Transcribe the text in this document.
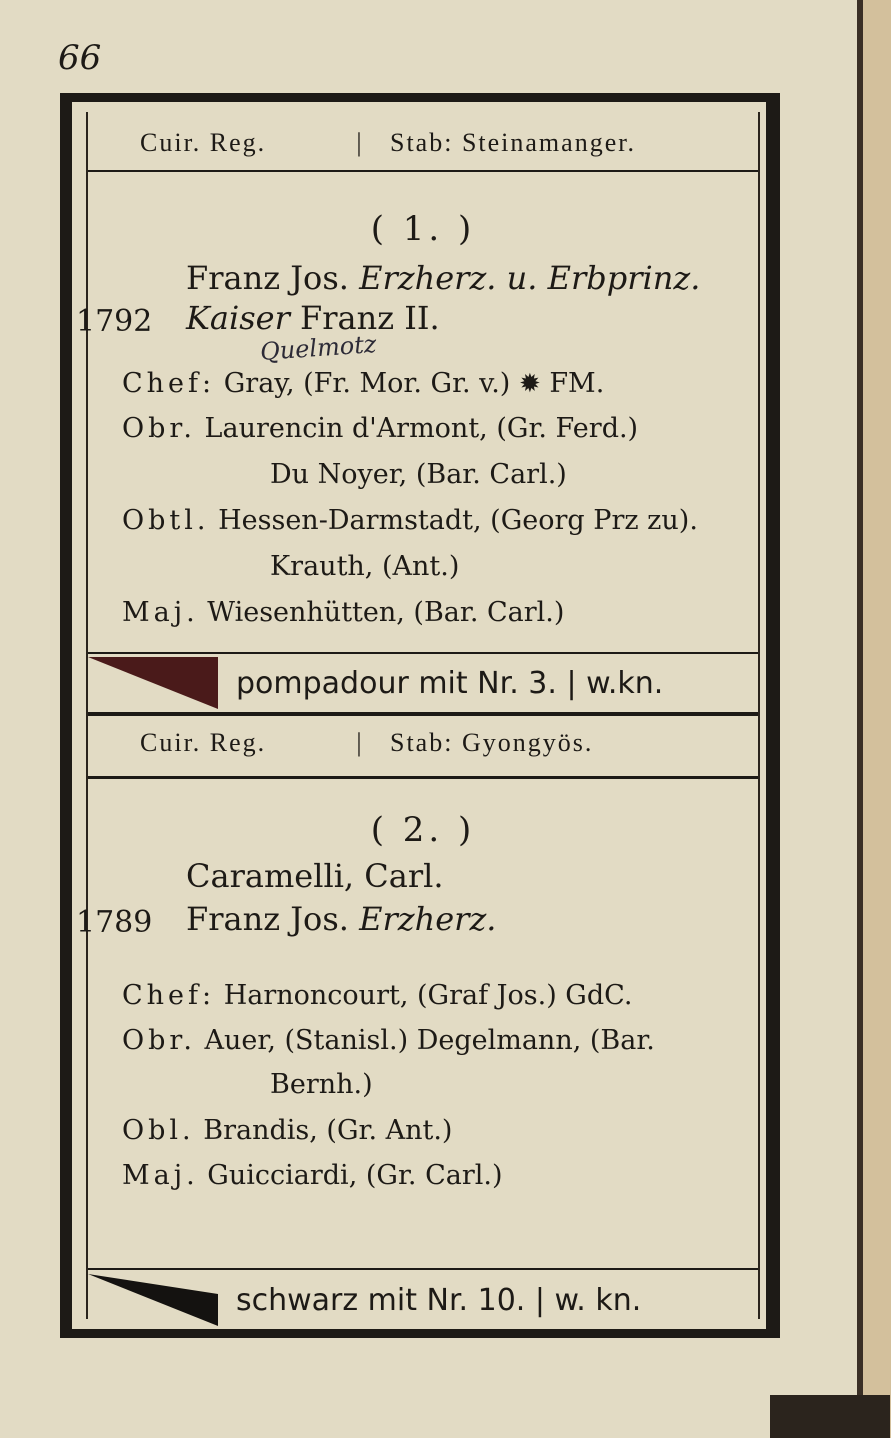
66
Cuir. Reg.	|	Stab: Steinamanger.
( 1. )
Franz Jos. Erzherz. u. Erbprinz.
1792 Kaiser Franz II.
Quelmotz
Chef: Gray, (Fr. Mor. Gr. v.) ✹ FM.
Obr. Laurencin d'Armont, (Gr. Ferd.)
Du Noyer, (Bar. Carl.)
Obtl. Hessen-Darmstadt, (Georg Prz zu).
Krauth, (Ant.)
Maj. Wiesenhütten, (Bar. Carl.)
pompadour mit Nr. 3. | w.kn.
Cuir. Reg.	|	Stab: Gyongyös.
( 2. )
Caramelli, Carl.
1789 Franz Jos. Erzherz.
Chef: Harnoncourt, (Graf Jos.) GdC.
Obr. Auer, (Stanisl.) Degelmann, (Bar.
Bernh.)
Obl. Brandis, (Gr. Ant.)
Maj. Guicciardi, (Gr. Carl.)
schwarz mit Nr. 10. | w. kn.
